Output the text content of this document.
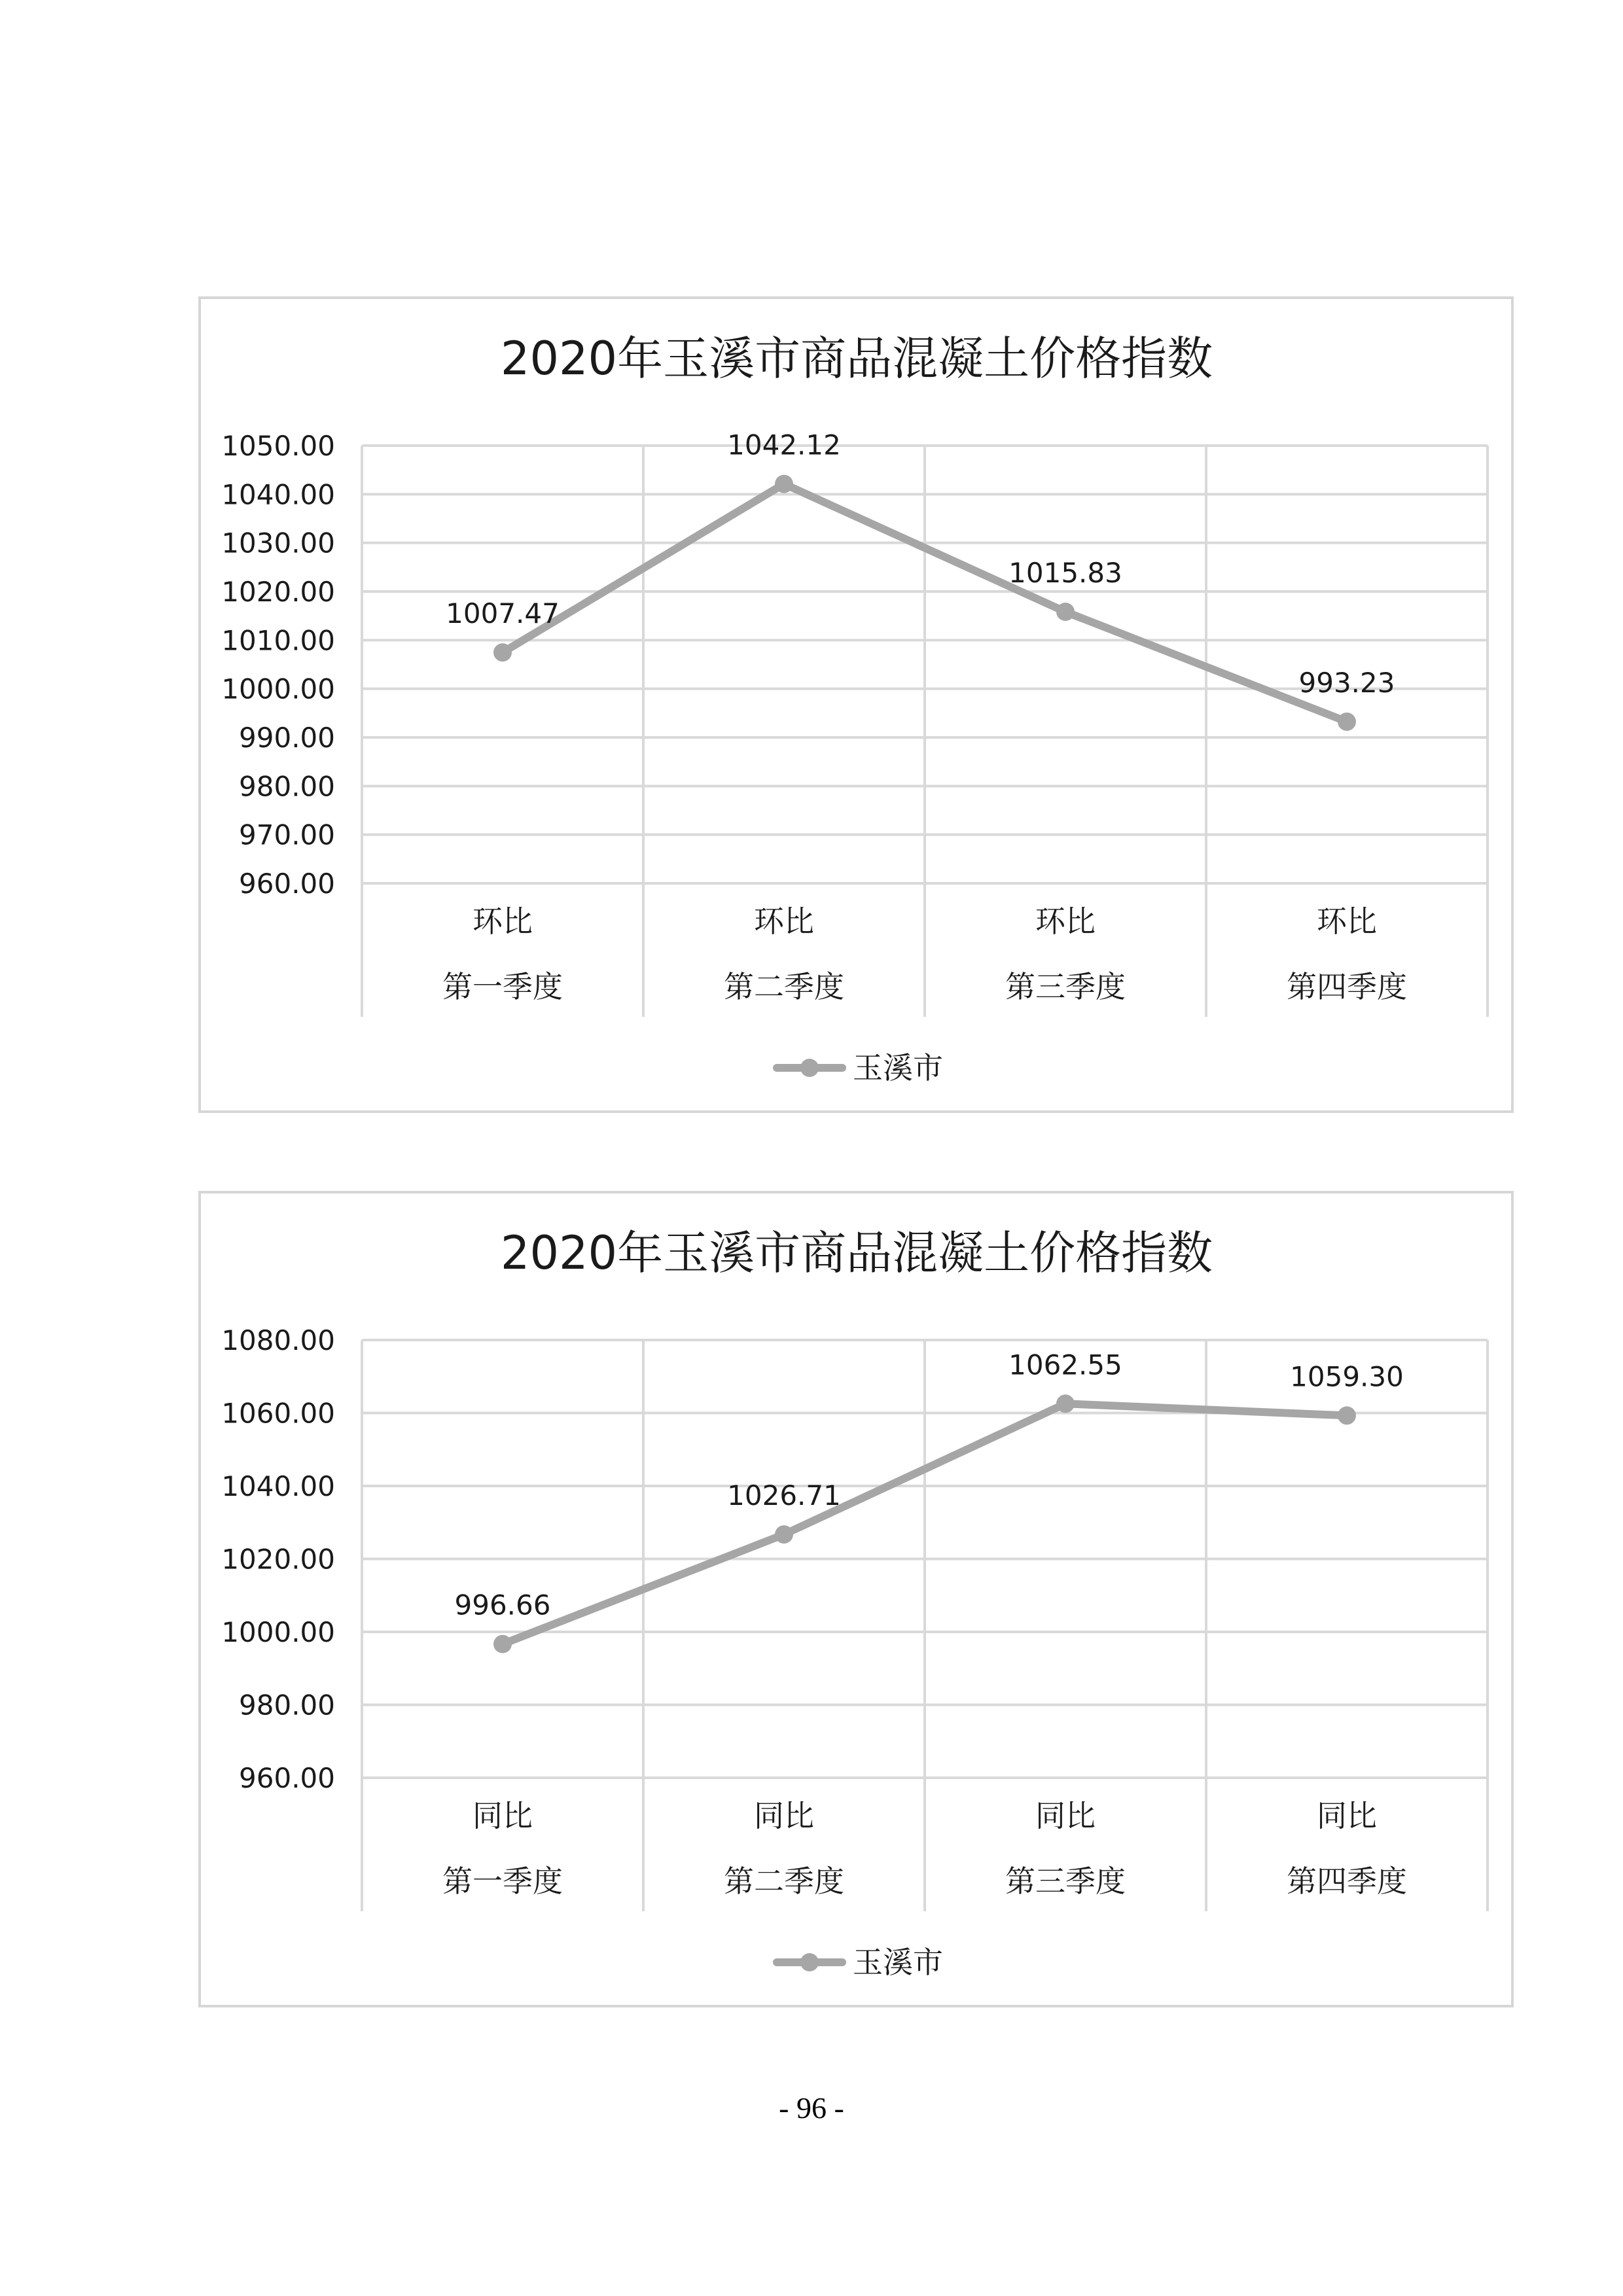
2020年玉溪市商品混凝土价格指数
960.00
970.00
980.00
990.00
1000.00
1010.00
1020.00
1030.00
1040.00
1050.00
环比
第一季度
环比
第二季度
环比
第三季度
环比
第四季度
1007.47
1042.12
1015.83
993.23
玉溪市
2020年玉溪市商品混凝土价格指数
960.00
980.00
1000.00
1020.00
1040.00
1060.00
1080.00
同比
第一季度
同比
第二季度
同比
第三季度
同比
第四季度
996.66
1026.71
1062.55	1059.30
玉溪市
- 96 -
